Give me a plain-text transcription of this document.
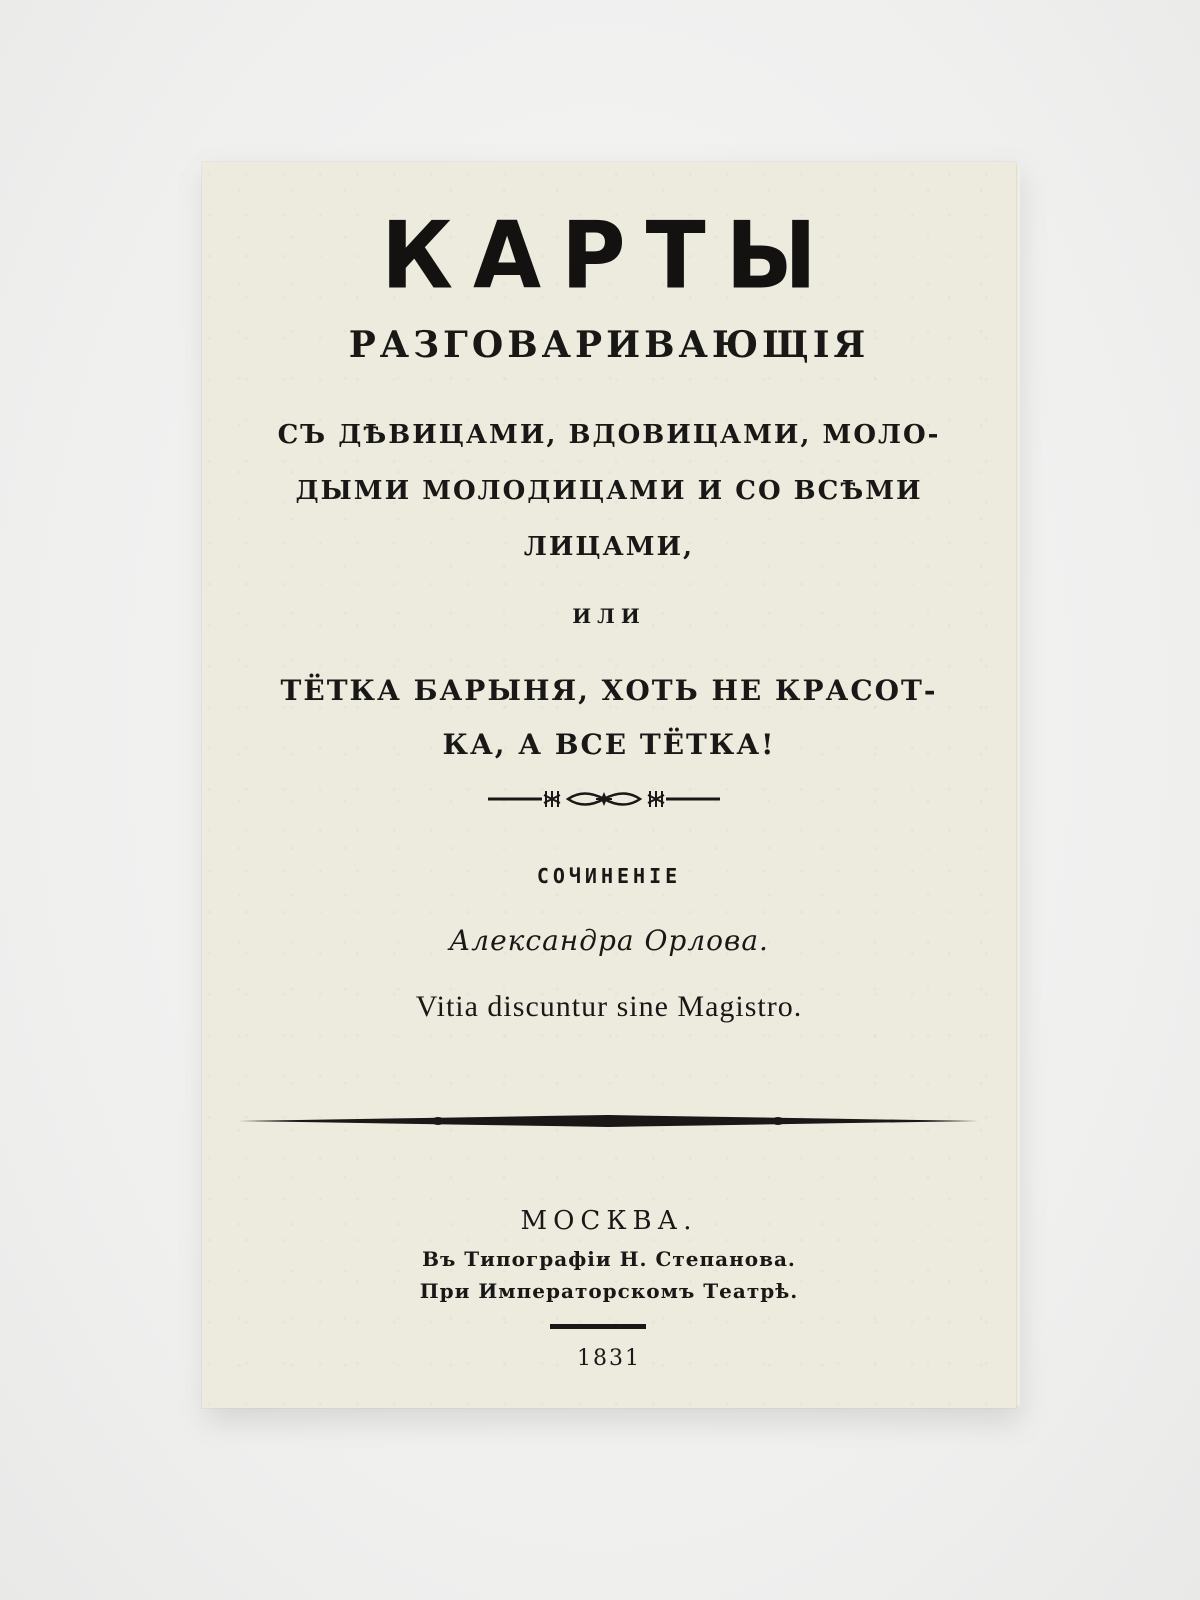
КАРТЫ
РАЗГОВАРИВАЮЩІЯ
СЪ ДѢВИЦАМИ, ВДОВИЦАМИ, МОЛО-
ДЫМИ МОЛОДИЦАМИ И СО ВСѢМИ
ЛИЦАМИ,
ИЛИ
ТЁТКА БАРЫНЯ, ХОТЬ НЕ КРАСОТ-
КА, А ВСЕ ТЁТКА!
СОЧИНЕНІЕ
Александра Орлова.
Vitia discuntur sine Magistro.
МОСКВА.
Въ Типографіи Н. Степанова.
При Императорскомъ Театрѣ.
1831
